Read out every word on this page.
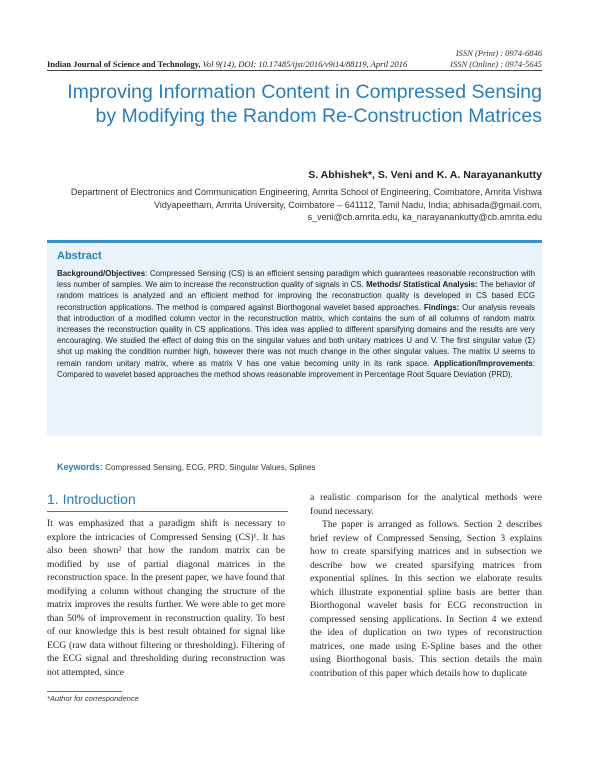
ISSN (Print) : 0974-6846
ISSN (Online) : 0974-5645
Indian Journal of Science and Technology, Vol 9(14), DOI: 10.17485/ijst/2016/v9i14/88119, April 2016
Improving Information Content in Compressed Sensing by Modifying the Random Re-Construction Matrices
S. Abhishek*, S. Veni and K. A. Narayanankutty
Department of Electronics and Communication Engineering, Amrita School of Engineering, Coimbatore, Amrita Vishwa Vidyapeetham, Amrita University, Coimbatore – 641112, Tamil Nadu, India; abhisada@gmail.com, s_veni@cb.amrita.edu, ka_narayanankutty@cb.amrita.edu
Abstract
Background/Objectives: Compressed Sensing (CS) is an efficient sensing paradigm which guarantees reasonable reconstruction with less number of samples. We aim to increase the reconstruction quality of signals in CS. Methods/ Statistical Analysis: The behavior of random matrices is analyzed and an efficient method for improving the reconstruction quality is developed in CS based ECG reconstruction applications. The method is compared against Biorthogonal wavelet based approaches. Findings: Our analysis reveals that introduction of a modified column vector in the reconstruction matrix, which contains the sum of all columns of random matrix increases the reconstruction quality in CS applications. This idea was applied to different sparsifying domains and the results are very encouraging. We studied the effect of doing this on the singular values and both unitary matrices U and V. The first singular value (Σ) shot up making the condition number high, however there was not much change in the other singular values. The matrix U seems to remain random unitary matrix, where as matrix V has one value becoming unity in its rank space. Application/Improvements: Compared to wavelet based approaches the method shows reasonable improvement in Percentage Root Square Deviation (PRD).
Keywords: Compressed Sensing, ECG, PRD, Singular Values, Splines
1. Introduction

It was emphasized that a paradigm shift is necessary to explore the intricacies of Compressed Sensing (CS)¹. It has also been shown² that how the random matrix can be modified by use of partial diagonal matrices in the reconstruction space. In the present paper, we have found that modifying a column without changing the structure of the matrix improves the results further. We were able to get more than 50% of improvement in reconstruction quality. To best of our knowledge this is best result obtained for signal like ECG (raw data without filtering or thresholding). Filtering of the ECG signal and thresholding during reconstruction was not attempted, since

a realistic comparison for the analytical methods were found necessary.

The paper is arranged as follows. Section 2 describes brief review of Compressed Sensing, Section 3 explains how to create sparsifying matrices and in subsection we describe how we created sparsifying matrices from exponential splines. In this section we elaborate results which illustrate exponential spline basis are better than Biorthogonal wavelet basis for ECG reconstruction in compressed sensing applications. In Section 4 we extend the idea of duplication on two types of reconstruction matrices, one made using E-Spline bases and the other using Biorthogonal basis. This section details the main contribution of this paper which details how to duplicate

*Author for correspondence
